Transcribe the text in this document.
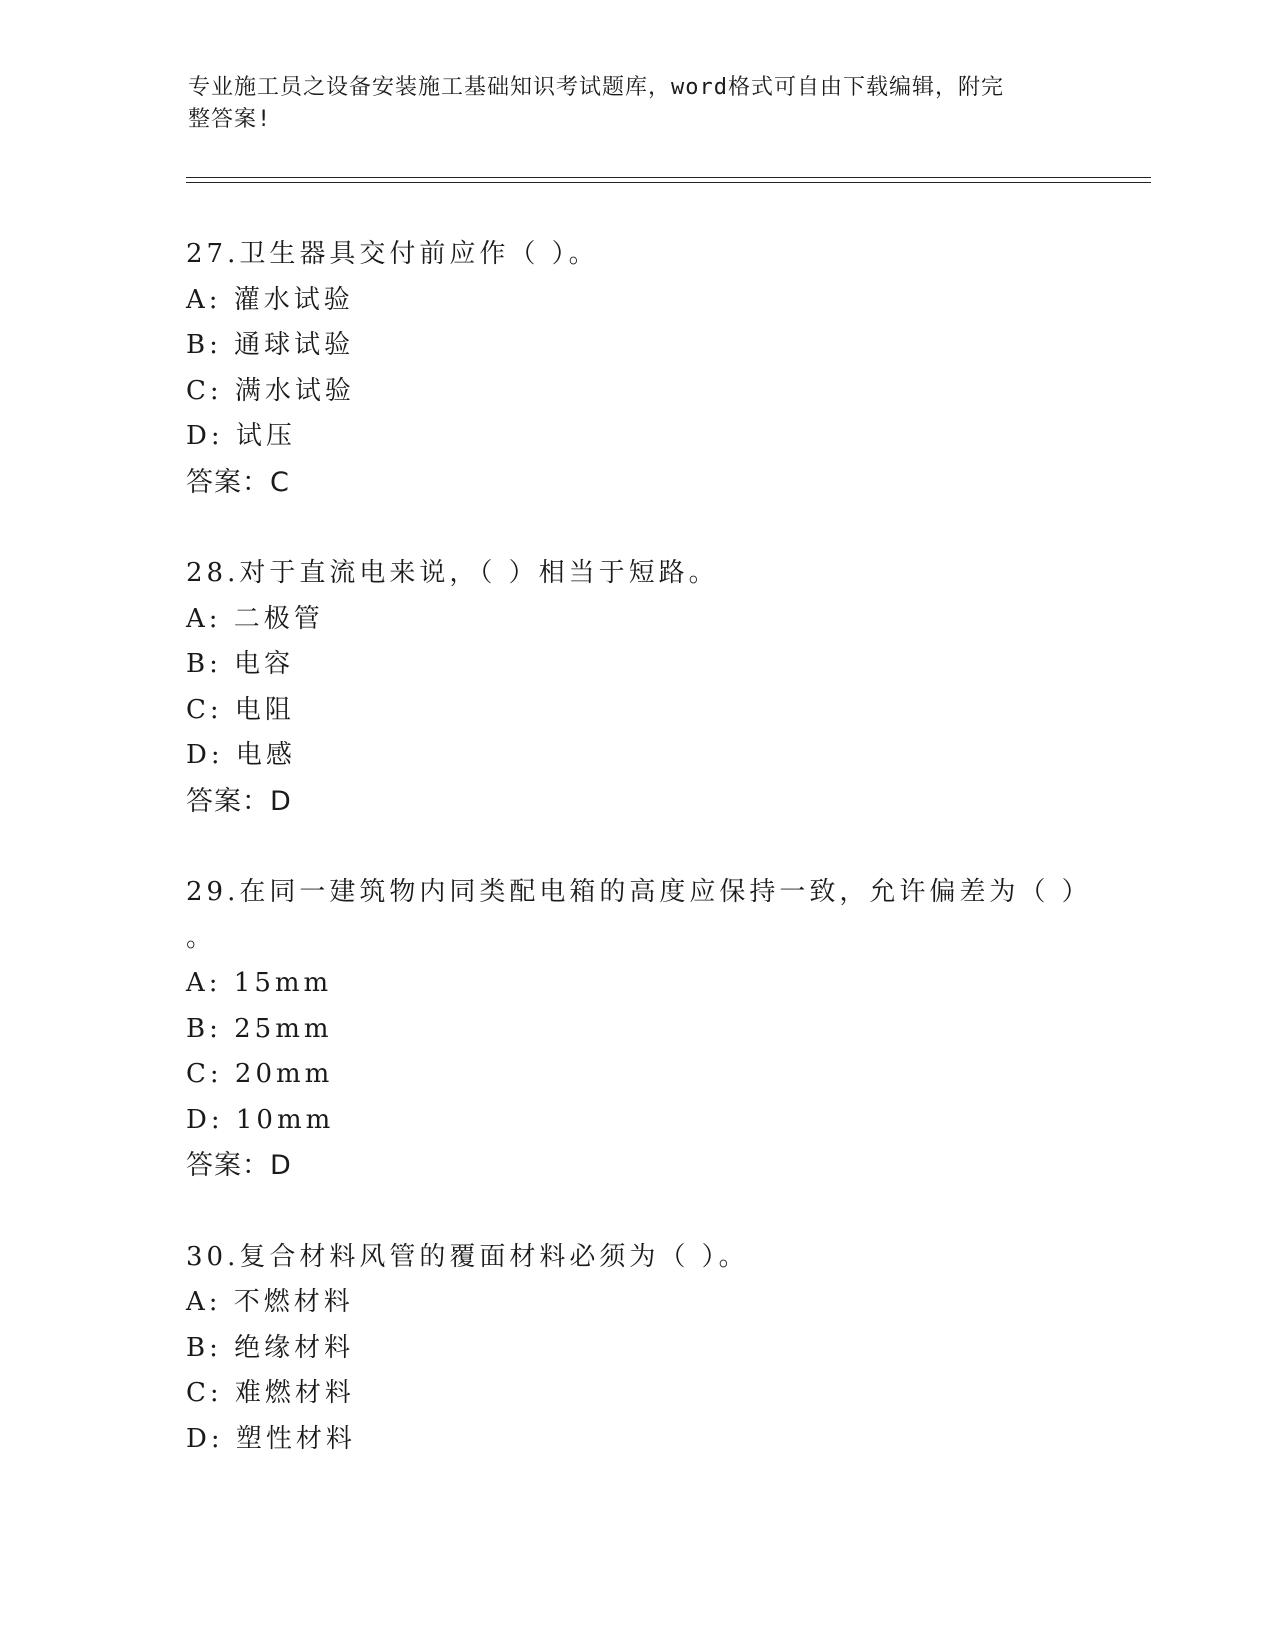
专业施工员之设备安装施工基础知识考试题库，word格式可自由下载编辑，附完
整答案!
27.卫生器具交付前应作（ ）。
A: 灌水试验
B: 通球试验
C: 满水试验
D: 试压
答案：C
28.对于直流电来说，（ ）相当于短路。
A: 二极管
B: 电容
C: 电阻
D: 电感
答案：D
29.在同一建筑物内同类配电箱的高度应保持一致，允许偏差为（ ）
。
A: 15mm
B: 25mm
C: 20mm
D: 10mm
答案：D
30.复合材料风管的覆面材料必须为（ ）。
A: 不燃材料
B: 绝缘材料
C: 难燃材料
D: 塑性材料
